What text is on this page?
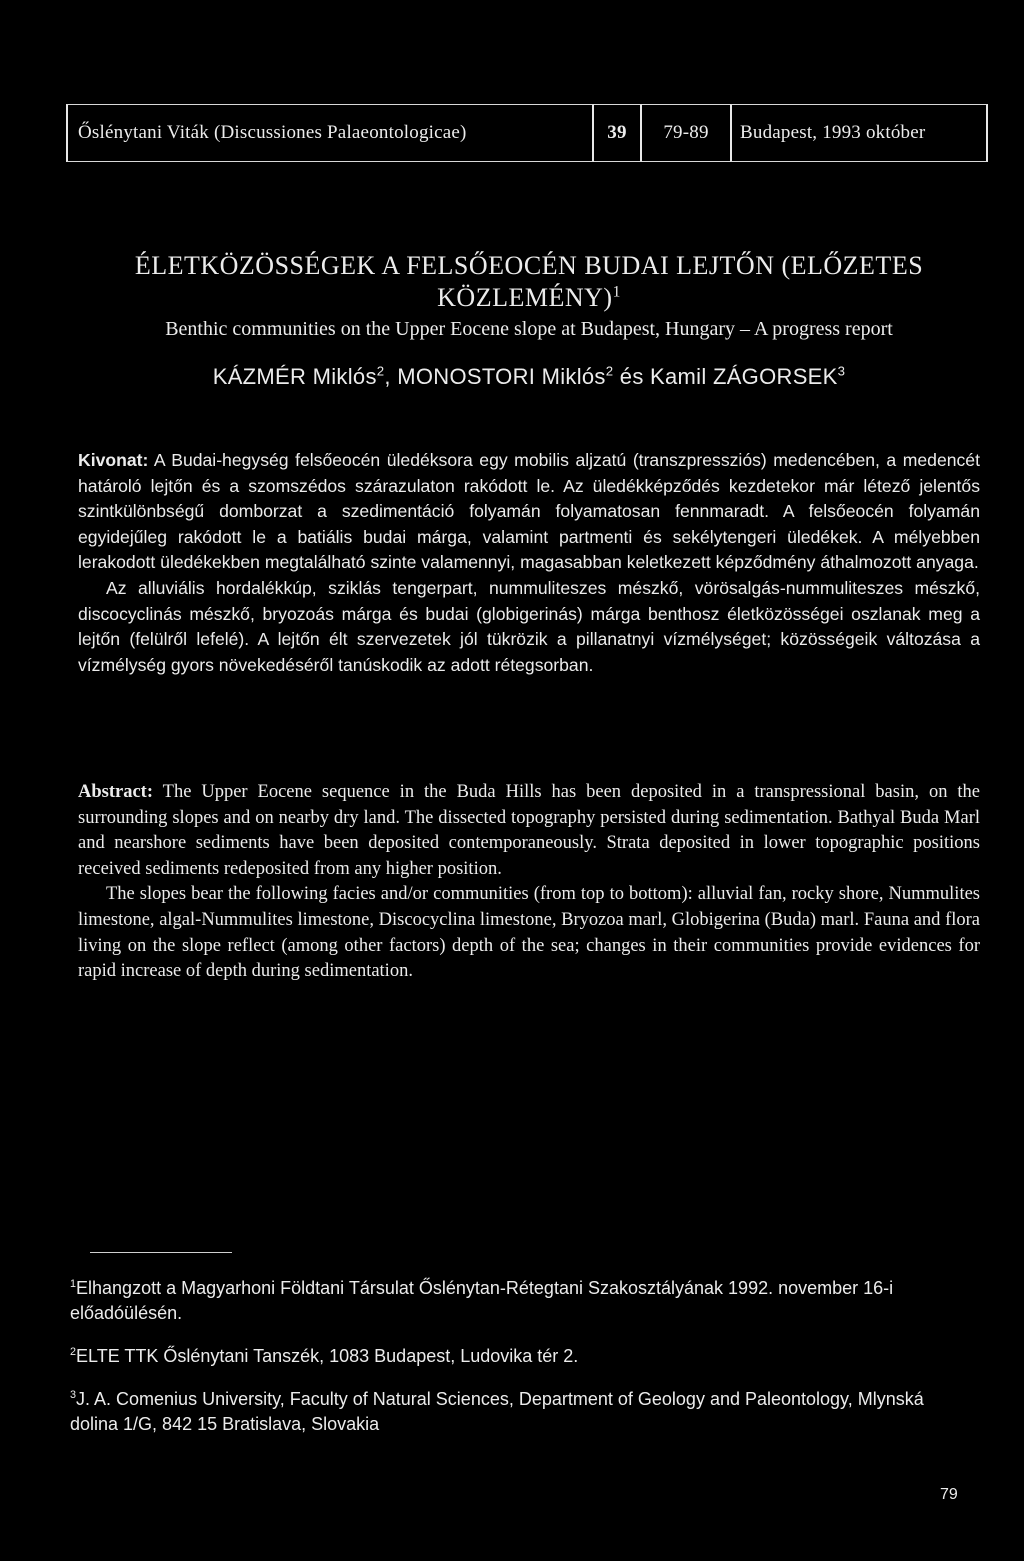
Őslénytani Viták (Discussiones Palaeontologicae)	39 79-89 Budapest, 1993 október
ÉLETKÖZÖSSÉGEK A FELSŐEOCÉN BUDAI LEJTŐN (ELŐZETES KÖZLEMÉNY)$^1$
Benthic communities on the Upper Eocene slope at Budapest, Hungary – A progress report
KÁZMÉR Miklós$^2$, MONOSTORI Miklós$^2$ és Kamil ZÁGORSEK$^3$

Kivonat: A Budai-hegység felsőeocén üledéksora egy mobilis aljzatú (transzpressziós) medencében, a medencét határoló lejtőn és a szomszédos szárazulaton rakódott le. Az üledékképződés kezdetekor már létező jelentős szintkülönbségű domborzat a szedimentáció folyamán folyamatosan fennmaradt. A felsőeocén folyamán egyidejűleg rakódott le a batiális budai márga, valamint partmenti és sekélytengeri üledékek. A mélyebben lerakodott üledékekben megtalálható szinte valamennyi, magasabban keletkezett képződmény áthalmozott anyaga.

Az alluviális hordalékkúp, sziklás tengerpart, nummuliteszes mészkő, vörösalgás-nummuliteszes mészkő, discocyclinás mészkő, bryozoás márga és budai (globigerinás) márga benthosz életközösségei oszlanak meg a lejtőn (felülről lefelé). A lejtőn élt szervezetek jól tükrözik a pillanatnyi vízmélységet; közösségeik változása a vízmélység gyors növekedéséről tanúskodik az adott rétegsorban.

Abstract: The Upper Eocene sequence in the Buda Hills has been deposited in a transpressional basin, on the surrounding slopes and on nearby dry land. The dissected topography persisted during sedimentation. Bathyal Buda Marl and nearshore sediments have been deposited contemporaneously. Strata deposited in lower topographic positions received sediments redeposited from any higher position.

The slopes bear the following facies and/or communities (from top to bottom): alluvial fan, rocky shore, Nummulites limestone, algal-Nummulites limestone, Discocyclina limestone, Bryozoa marl, Globigerina (Buda) marl. Fauna and flora living on the slope reflect (among other factors) depth of the sea; changes in their communities provide evidences for rapid increase of depth during sedimentation.

$^1$Elhangzott a Magyarhoni Földtani Társulat Őslénytan-Rétegtani Szakosztályának 1992. november 16-i előadóülésén.

$^2$ELTE TTK Őslénytani Tanszék, 1083 Budapest, Ludovika tér 2.

$^3$J. A. Comenius University, Faculty of Natural Sciences, Department of Geology and Paleontology, Mlynská dolina 1/G, 842 15 Bratislava, Slovakia

79
